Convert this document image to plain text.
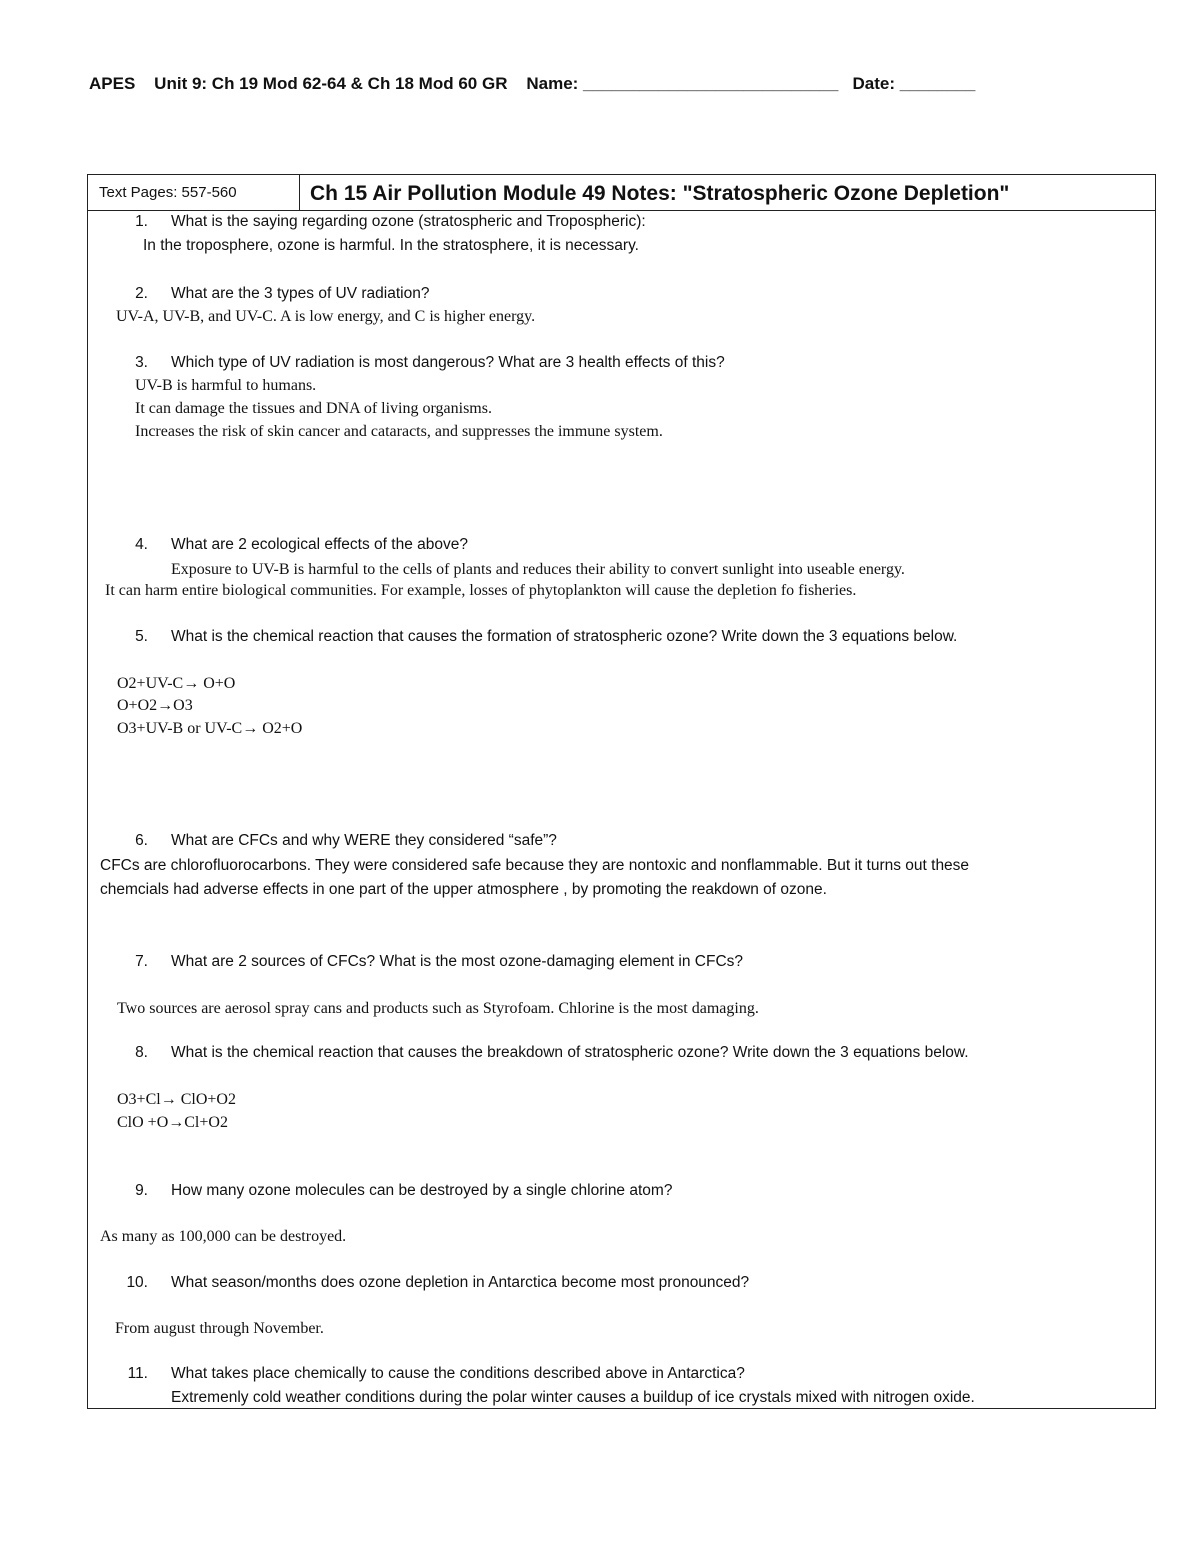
APES    Unit 9: Ch 19 Mod 62-64 & Ch 18 Mod 60 GR    Name: ___________________________   Date: ________
Text Pages: 557-560	Ch 15 Air Pollution Module 49 Notes: "Stratospheric Ozone Depletion"
1. What is the saying regarding ozone (stratospheric and Tropospheric):
In the troposphere, ozone is harmful. In the stratosphere, it is necessary.
2. What are the 3 types of UV radiation?
UV-A, UV-B, and UV-C. A is low energy, and C is higher energy.
3. Which type of UV radiation is most dangerous? What are 3 health effects of this?
UV-B is harmful to humans.
It can damage the tissues and DNA of living organisms.
Increases the risk of skin cancer and cataracts, and suppresses the immune system.
4. What are 2 ecological effects of the above?
Exposure to UV-B is harmful to the cells of plants and reduces their ability to convert sunlight into useable energy.
It can harm entire biological communities. For example, losses of phytoplankton will cause the depletion fo fisheries.
5. What is the chemical reaction that causes the formation of stratospheric ozone? Write down the 3 equations below.
O2+UV-C→ O+O
O+O2→O3
O3+UV-B or UV-C→ O2+O
6. What are CFCs and why WERE they considered “safe”?
CFCs are chlorofluorocarbons. They were considered safe because they are nontoxic and nonflammable. But it turns out these
chemcials had adverse effects in one part of the upper atmosphere , by promoting the reakdown of ozone.
7. What are 2 sources of CFCs? What is the most ozone-damaging element in CFCs?
Two sources are aerosol spray cans and products such as Styrofoam. Chlorine is the most damaging.
8. What is the chemical reaction that causes the breakdown of stratospheric ozone? Write down the 3 equations below.
O3+Cl→ ClO+O2
ClO +O→Cl+O2
9. How many ozone molecules can be destroyed by a single chlorine atom?
As many as 100,000 can be destroyed.
10. What season/months does ozone depletion in Antarctica become most pronounced?
From august through November.
11. What takes place chemically to cause the conditions described above in Antarctica?
Extremenly cold weather conditions during the polar winter causes a buildup of ice crystals mixed with nitrogen oxide.
